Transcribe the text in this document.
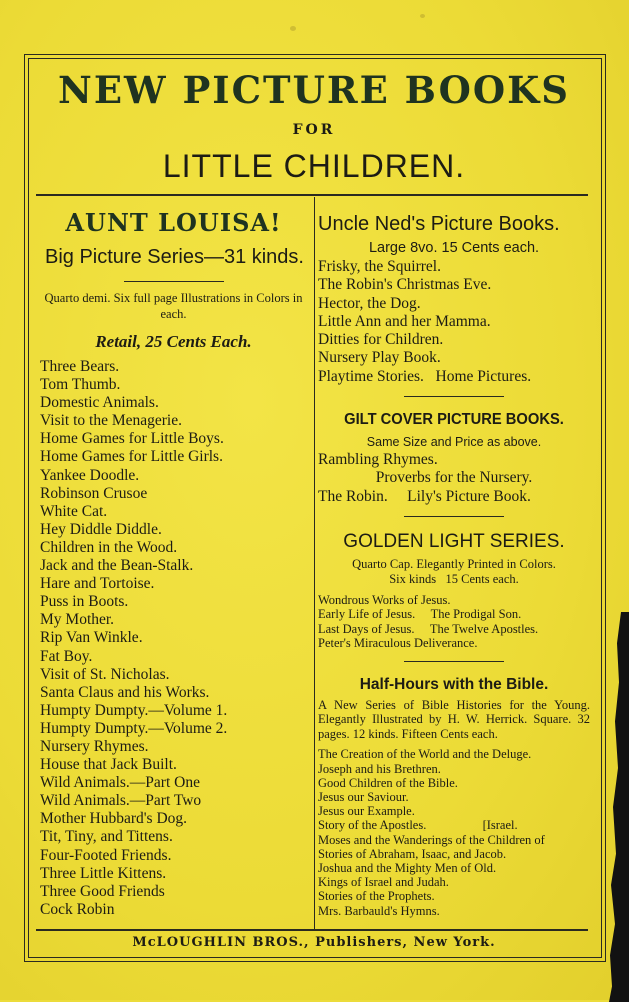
NEW PICTURE BOOKS
FOR
LITTLE CHILDREN.
AUNT LOUISA!
Big Picture Series—31 kinds.
Quarto demi. Six full page Illustrations in Colors in each.
Retail, 25 Cents Each.
Three Bears.
Tom Thumb.
Domestic Animals.
Visit to the Menagerie.
Home Games for Little Boys.
Home Games for Little Girls.
Yankee Doodle.
Robinson Crusoe
White Cat.
Hey Diddle Diddle.
Children in the Wood.
Jack and the Bean-Stalk.
Hare and Tortoise.
Puss in Boots.
My Mother.
Rip Van Winkle.
Fat Boy.
Visit of St. Nicholas.
Santa Claus and his Works.
Humpty Dumpty.—Volume 1.
Humpty Dumpty.—Volume 2.
Nursery Rhymes.
House that Jack Built.
Wild Animals.—Part One
Wild Animals.—Part Two
Mother Hubbard's Dog.
Tit, Tiny, and Tittens.
Four-Footed Friends.
Three Little Kittens.
Three Good Friends
Cock Robin
Uncle Ned's Picture Books.
Large 8vo. 15 Cents each.
Frisky, the Squirrel.
The Robin's Christmas Eve.
Hector, the Dog.
Little Ann and her Mamma.
Ditties for Children.
Nursery Play Book.
Playtime Stories.   Home Pictures.
GILT COVER PICTURE BOOKS.
Same Size and Price as above.
Rambling Rhymes.
Proverbs for the Nursery.
The Robin.     Lily's Picture Book.
GOLDEN LIGHT SERIES.
Quarto Cap. Elegantly Printed in Colors.
Six kinds   15 Cents each.
Wondrous Works of Jesus.
Early Life of Jesus.     The Prodigal Son.
Last Days of Jesus.     The Twelve Apostles.
Peter's Miraculous Deliverance.
Half-Hours with the Bible.
A New Series of Bible Histories for the Young. Elegantly Illustrated by H. W. Herrick. Square. 32 pages. 12 kinds. Fifteen Cents each.
The Creation of the World and the Deluge.
Joseph and his Brethren.
Good Children of the Bible.
Jesus our Saviour.
Jesus our Example.
Story of the Apostles.                  [Israel.
Moses and the Wanderings of the Children of
Stories of Abraham, Isaac, and Jacob.
Joshua and the Mighty Men of Old.
Kings of Israel and Judah.
Stories of the Prophets.
Mrs. Barbauld's Hymns.
McLOUGHLIN BROS., Publishers, New York.
